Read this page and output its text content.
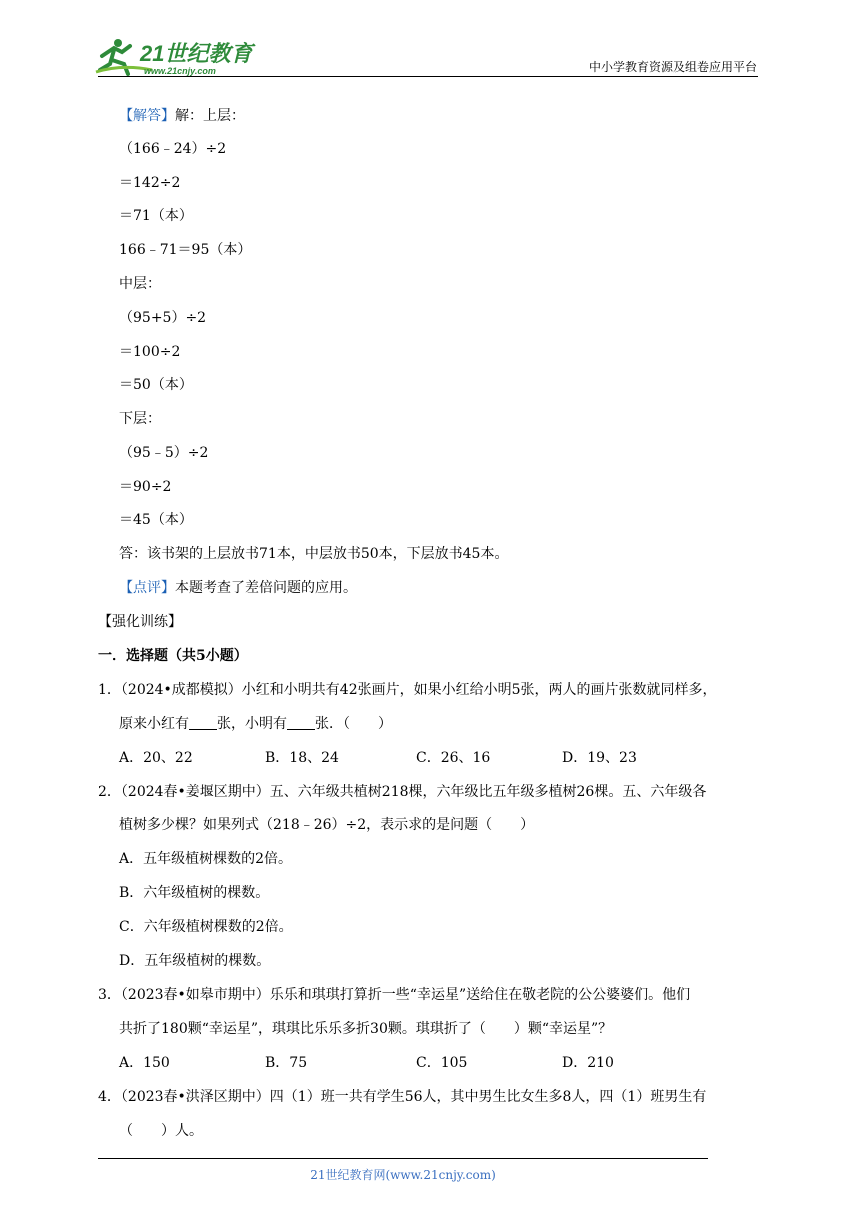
21世纪教育
www.21cnjy.com	中小学教育资源及组卷应用平台
【解答】解：上层：
（166﹣24）÷2
＝142÷2
＝71（本）
166﹣71＝95（本）
中层：
（95+5）÷2
＝100÷2
＝50（本）
下层：
（95﹣5）÷2
＝90÷2
＝45（本）
答：该书架的上层放书71本，中层放书50本，下层放书45本。
【点评】本题考查了差倍问题的应用。
【强化训练】
一．选择题（共5小题）
1．（2024•成都模拟）小红和小明共有42张画片，如果小红给小明5张，两人的画片张数就同样多，
原来小红有 张，小明有 张．（　　）
A．20、22	B．18、24	C．26、16	D．19、23
2．（2024春•姜堰区期中）五、六年级共植树218棵，六年级比五年级多植树26棵。五、六年级各
植树多少棵？如果列式（218﹣26）÷2，表示求的是问题（　　）
A．五年级植树棵数的2倍。
B．六年级植树的棵数。
C．六年级植树棵数的2倍。
D．五年级植树的棵数。
3．（2023春•如皋市期中）乐乐和琪琪打算折一些“幸运星”送给住在敬老院的公公婆婆们。他们
共折了180颗“幸运星”，琪琪比乐乐多折30颗。琪琪折了（　　）颗“幸运星”？
A．150	B．75	C．105	D．210
4．（2023春•洪泽区期中）四（1）班一共有学生56人，其中男生比女生多8人，四（1）班男生有
（　　）人。
21世纪教育网(www.21cnjy.com)
